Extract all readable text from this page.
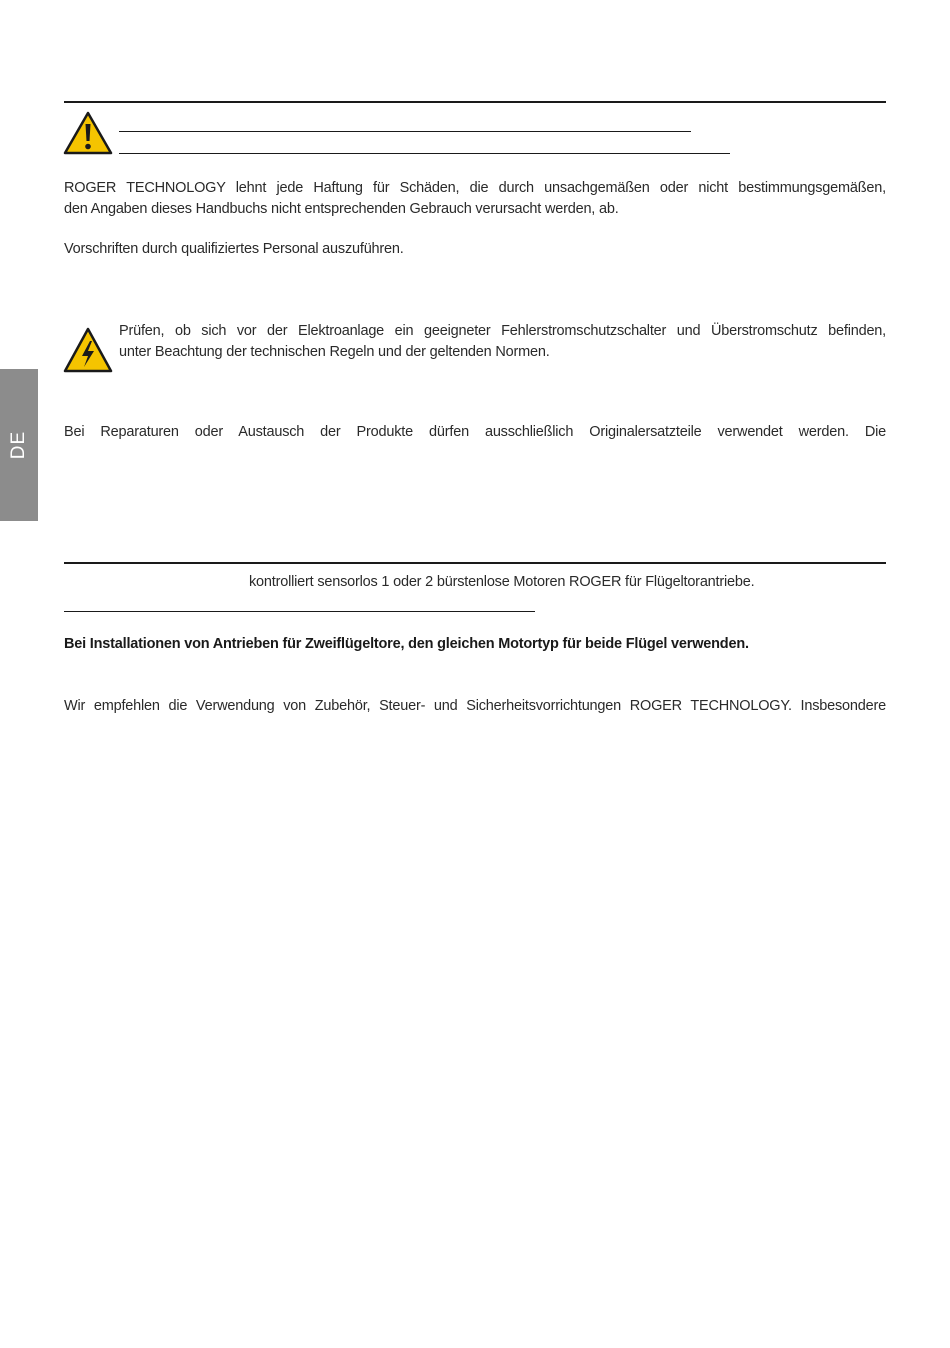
ROGER TECHNOLOGY lehnt jede Haftung für Schäden, die durch unsachgemäßen oder nicht bestimmungsgemäßen,
den Angaben dieses Handbuchs nicht entsprechenden Gebrauch verursacht werden, ab.
Vorschriften durch qualifiziertes Personal auszuführen.
Prüfen, ob sich vor der Elektroanlage ein geeigneter Fehlerstromschutzschalter und Überstromschutz befinden,
unter Beachtung der technischen Regeln und der geltenden Normen.
DE Bei Reparaturen oder Austausch der Produkte dürfen ausschließlich Originalersatzteile verwendet werden. Die
kontrolliert sensorlos 1 oder 2 bürstenlose Motoren ROGER für Flügeltorantriebe.
Bei Installationen von Antrieben für Zweiflügeltore, den gleichen Motortyp für beide Flügel verwenden.
Wir empfehlen die Verwendung von Zubehör, Steuer- und Sicherheitsvorrichtungen ROGER TECHNOLOGY. Insbesondere
